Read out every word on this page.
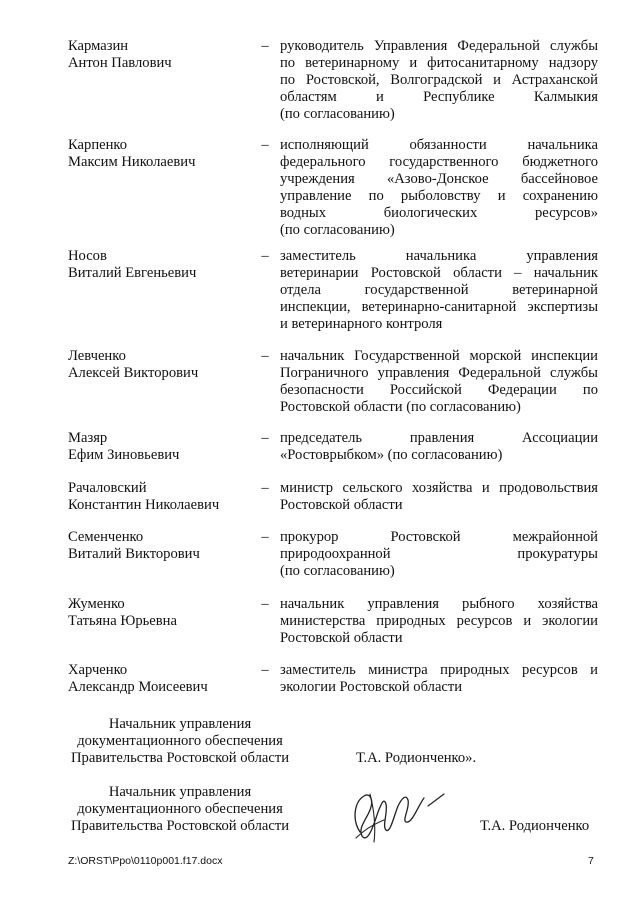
Кармазин
Антон Павлович
– руководитель Управления Федеральной службы
по ветеринарному и фитосанитарному надзору
по Ростовской, Волгоградской и Астраханской
областям и Республике Калмыкия
(по согласованию)
Карпенко
Максим Николаевич
– исполняющий обязанности начальника
федерального государственного бюджетного
учреждения «Азово-Донское бассейновое
управление по рыболовству и сохранению
водных биологических ресурсов»
(по согласованию)
Носов
Виталий Евгеньевич
– заместитель начальника управления
ветеринарии Ростовской области – начальник
отдела государственной ветеринарной
инспекции, ветеринарно-санитарной экспертизы
и ветеринарного контроля
Левченко
Алексей Викторович
– начальник Государственной морской инспекции
Пограничного управления Федеральной службы
безопасности Российской Федерации по
Ростовской области (по согласованию)
Мазяр
Ефим Зиновьевич
– председатель правления Ассоциации
«Ростоврыбком» (по согласованию)
Рачаловский
Константин Николаевич
– министр сельского хозяйства и продовольствия
Ростовской области
Семенченко
Виталий Викторович
– прокурор Ростовской межрайонной
природоохранной прокуратуры
(по согласованию)
Жуменко
Татьяна Юрьевна
– начальник управления рыбного хозяйства
министерства природных ресурсов и экологии
Ростовской области
Харченко
Александр Моисеевич
– заместитель министра природных ресурсов и
экологии Ростовской области
Начальник управления
документационного обеспечения
Правительства Ростовской области	Т.А. Родионченко».
Начальник управления
документационного обеспечения
Правительства Ростовской области	Т.А. Родионченко
Z:\ORST\Ppo\0110p001.f17.docx	7
